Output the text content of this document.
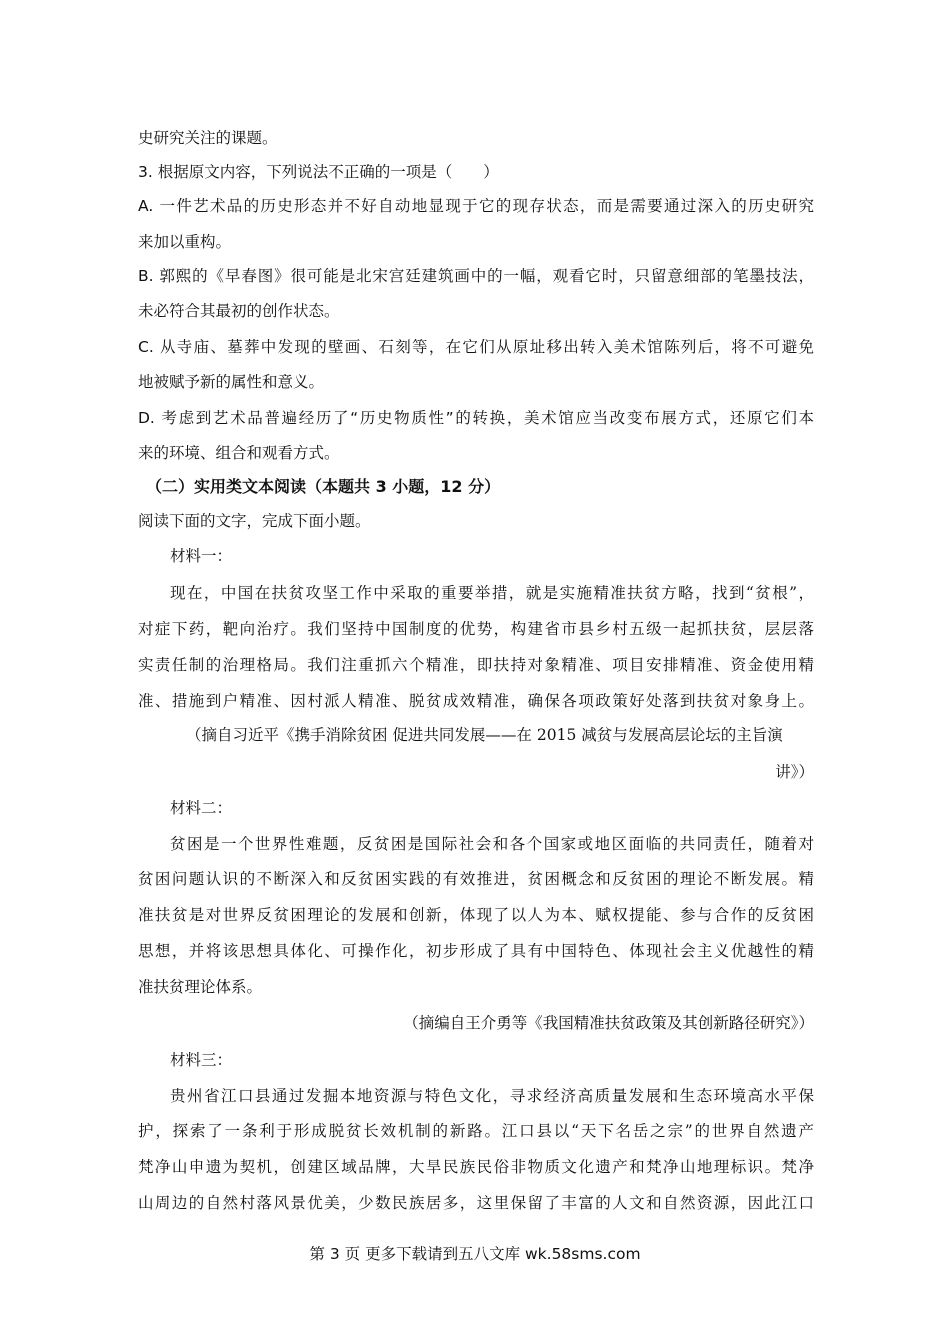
史研究关注的课题。

3. 根据原文内容，下列说法不正确的一项是（　　）

A. 一件艺术品的历史形态并不好自动地显现于它的现存状态，而是需要通过深入的历史研究

来加以重构。

B. 郭熙的《早春图》很可能是北宋宫廷建筑画中的一幅，观看它时，只留意细部的笔墨技法，

未必符合其最初的创作状态。

C. 从寺庙、墓葬中发现的壁画、石刻等，在它们从原址移出转入美术馆陈列后，将不可避免

地被赋予新的属性和意义。

D. 考虑到艺术品普遍经历了“历史物质性”的转换，美术馆应当改变布展方式，还原它们本

来的环境、组合和观看方式。

（二）实用类文本阅读（本题共 3 小题，12 分）

阅读下面的文字，完成下面小题。

材料一：

现在，中国在扶贫攻坚工作中采取的重要举措，就是实施精准扶贫方略，找到“贫根”，

对症下药，靶向治疗。我们坚持中国制度的优势，构建省市县乡村五级一起抓扶贫，层层落

实责任制的治理格局。我们注重抓六个精准，即扶持对象精准、项目安排精准、资金使用精

准、措施到户精准、因村派人精准、脱贫成效精准，确保各项政策好处落到扶贫对象身上。

（摘自习近平《携手消除贫困 促进共同发展——在 2015 减贫与发展高层论坛的主旨演

讲》）

材料二：

贫困是一个世界性难题，反贫困是国际社会和各个国家或地区面临的共同责任，随着对

贫困问题认识的不断深入和反贫困实践的有效推进，贫困概念和反贫困的理论不断发展。精

准扶贫是对世界反贫困理论的发展和创新，体现了以人为本、赋权提能、参与合作的反贫困

思想，并将该思想具体化、可操作化，初步形成了具有中国特色、体现社会主义优越性的精

准扶贫理论体系。

（摘编自王介勇等《我国精准扶贫政策及其创新路径研究》）

材料三：

贵州省江口县通过发掘本地资源与特色文化，寻求经济高质量发展和生态环境高水平保

护，探索了一条利于形成脱贫长效机制的新路。江口县以“天下名岳之宗”的世界自然遗产

梵净山申遗为契机，创建区域品牌，大旱民族民俗非物质文化遗产和梵净山地理标识。梵净

山周边的自然村落风景优美，少数民族居多，这里保留了丰富的人文和自然资源，因此江口

第 3 页 更多下载请到五八文库 wk.58sms.com
